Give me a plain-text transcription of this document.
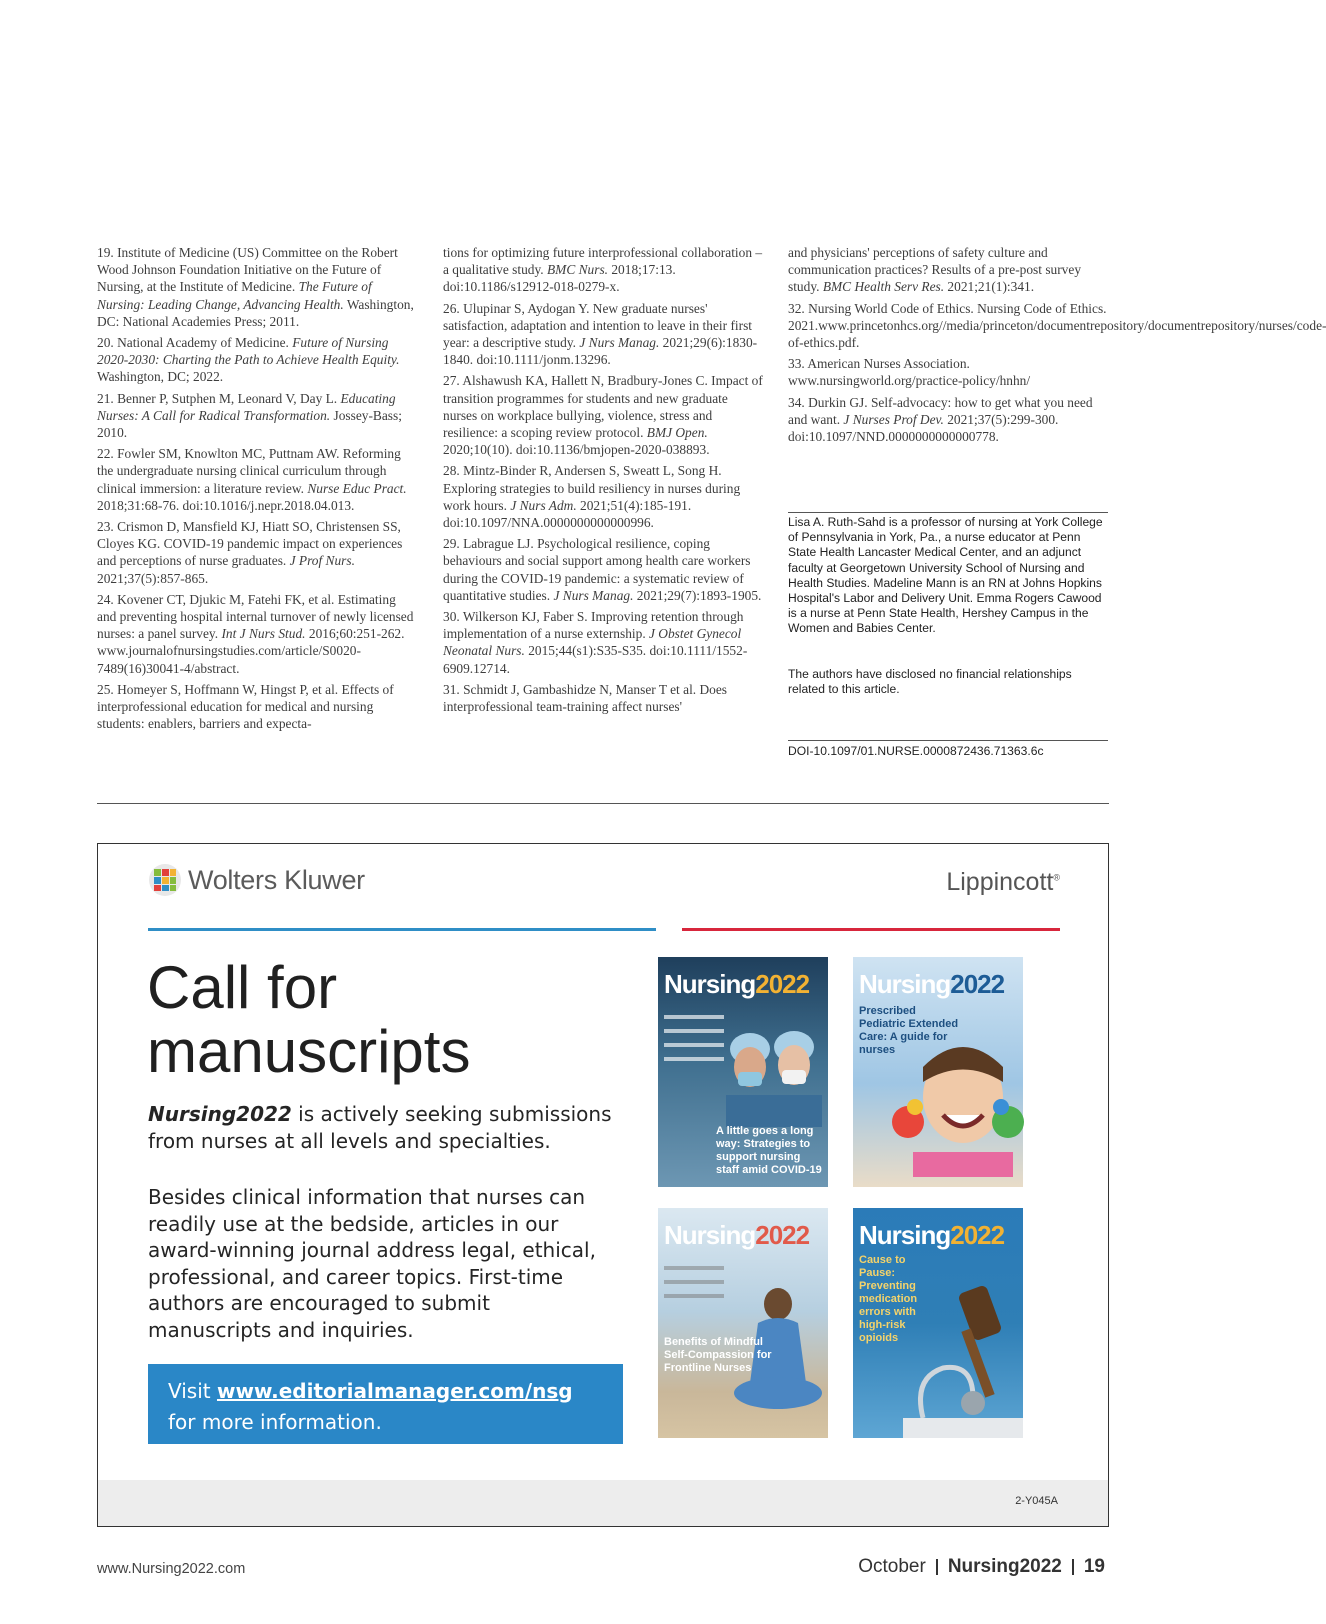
19. Institute of Medicine (US) Committee on the Robert Wood Johnson Foundation Initiative on the Future of Nursing, at the Institute of Medicine. The Future of Nursing: Leading Change, Advancing Health. Washington, DC: National Academies Press; 2011.
20. National Academy of Medicine. Future of Nursing 2020-2030: Charting the Path to Achieve Health Equity. Washington, DC; 2022.
21. Benner P, Sutphen M, Leonard V, Day L. Educating Nurses: A Call for Radical Transformation. Jossey-Bass; 2010.
22. Fowler SM, Knowlton MC, Puttnam AW. Reforming the undergraduate nursing clinical curriculum through clinical immersion: a literature review. Nurse Educ Pract. 2018;31:68-76. doi:10.1016/j.nepr.2018.04.013.
23. Crismon D, Mansfield KJ, Hiatt SO, Christensen SS, Cloyes KG. COVID-19 pandemic impact on experiences and perceptions of nurse graduates. J Prof Nurs. 2021;37(5):857-865.
24. Kovener CT, Djukic M, Fatehi FK, et al. Estimating and preventing hospital internal turnover of newly licensed nurses: a panel survey. Int J Nurs Stud. 2016;60:251-262. www.journalofnursingstudies.com/article/S0020-7489(16)30041-4/abstract.
25. Homeyer S, Hoffmann W, Hingst P, et al. Effects of interprofessional education for medical and nursing students: enablers, barriers and expecta-
tions for optimizing future interprofessional collaboration – a qualitative study. BMC Nurs. 2018;17:13. doi:10.1186/s12912-018-0279-x.
26. Ulupinar S, Aydogan Y. New graduate nurses' satisfaction, adaptation and intention to leave in their first year: a descriptive study. J Nurs Manag. 2021;29(6):1830-1840. doi:10.1111/jonm.13296.
27. Alshawush KA, Hallett N, Bradbury-Jones C. Impact of transition programmes for students and new graduate nurses on workplace bullying, violence, stress and resilience: a scoping review protocol. BMJ Open. 2020;10(10). doi:10.1136/bmjopen-2020-038893.
28. Mintz-Binder R, Andersen S, Sweatt L, Song H. Exploring strategies to build resiliency in nurses during work hours. J Nurs Adm. 2021;51(4):185-191. doi:10.1097/NNA.0000000000000996.
29. Labrague LJ. Psychological resilience, coping behaviours and social support among health care workers during the COVID-19 pandemic: a systematic review of quantitative studies. J Nurs Manag. 2021;29(7):1893-1905.
30. Wilkerson KJ, Faber S. Improving retention through implementation of a nurse externship. J Obstet Gynecol Neonatal Nurs. 2015;44(s1):S35-S35. doi:10.1111/1552-6909.12714.
31. Schmidt J, Gambashidze N, Manser T et al. Does interprofessional team-training affect nurses'
and physicians' perceptions of safety culture and communication practices? Results of a pre-post survey study. BMC Health Serv Res. 2021;21(1):341.
32. Nursing World Code of Ethics. Nursing Code of Ethics. 2021.www.princetonhcs.org//media/princeton/documentrepository/documentrepository/nurses/code-of-ethics.pdf.
33. American Nurses Association. www.nursingworld.org/practice-policy/hnhn/
34. Durkin GJ. Self-advocacy: how to get what you need and want. J Nurses Prof Dev. 2021;37(5):299-300. doi:10.1097/NND.0000000000000778.
Lisa A. Ruth-Sahd is a professor of nursing at York College of Pennsylvania in York, Pa., a nurse educator at Penn State Health Lancaster Medical Center, and an adjunct faculty at Georgetown University School of Nursing and Health Studies. Madeline Mann is an RN at Johns Hopkins Hospital's Labor and Delivery Unit. Emma Rogers Cawood is a nurse at Penn State Health, Hershey Campus in the Women and Babies Center.
The authors have disclosed no financial relationships related to this article.
DOI-10.1097/01.NURSE.0000872436.71363.6c
Wolters Kluwer	Lippincott®
Call for manuscripts
Nursing2022 is actively seeking submissions from nurses at all levels and specialties.
Besides clinical information that nurses can readily use at the bedside, articles in our award-winning journal address legal, ethical, professional, and career topics. First-time authors are encouraged to submit manuscripts and inquiries.
Visit www.editorialmanager.com/nsg
for more information.
Nursing2022
A little goes a long way: Strategies to support nursing staff amid COVID-19
Nursing2022
Prescribed Pediatric Extended Care: A guide for nurses
Nursing2022
Benefits of Mindful Self-Compassion for Frontline Nurses
Nursing2022
Cause to Pause: Preventing medication errors with high-risk opioids
2-Y045A
www.Nursing2022.com	October Nursing2022 19
